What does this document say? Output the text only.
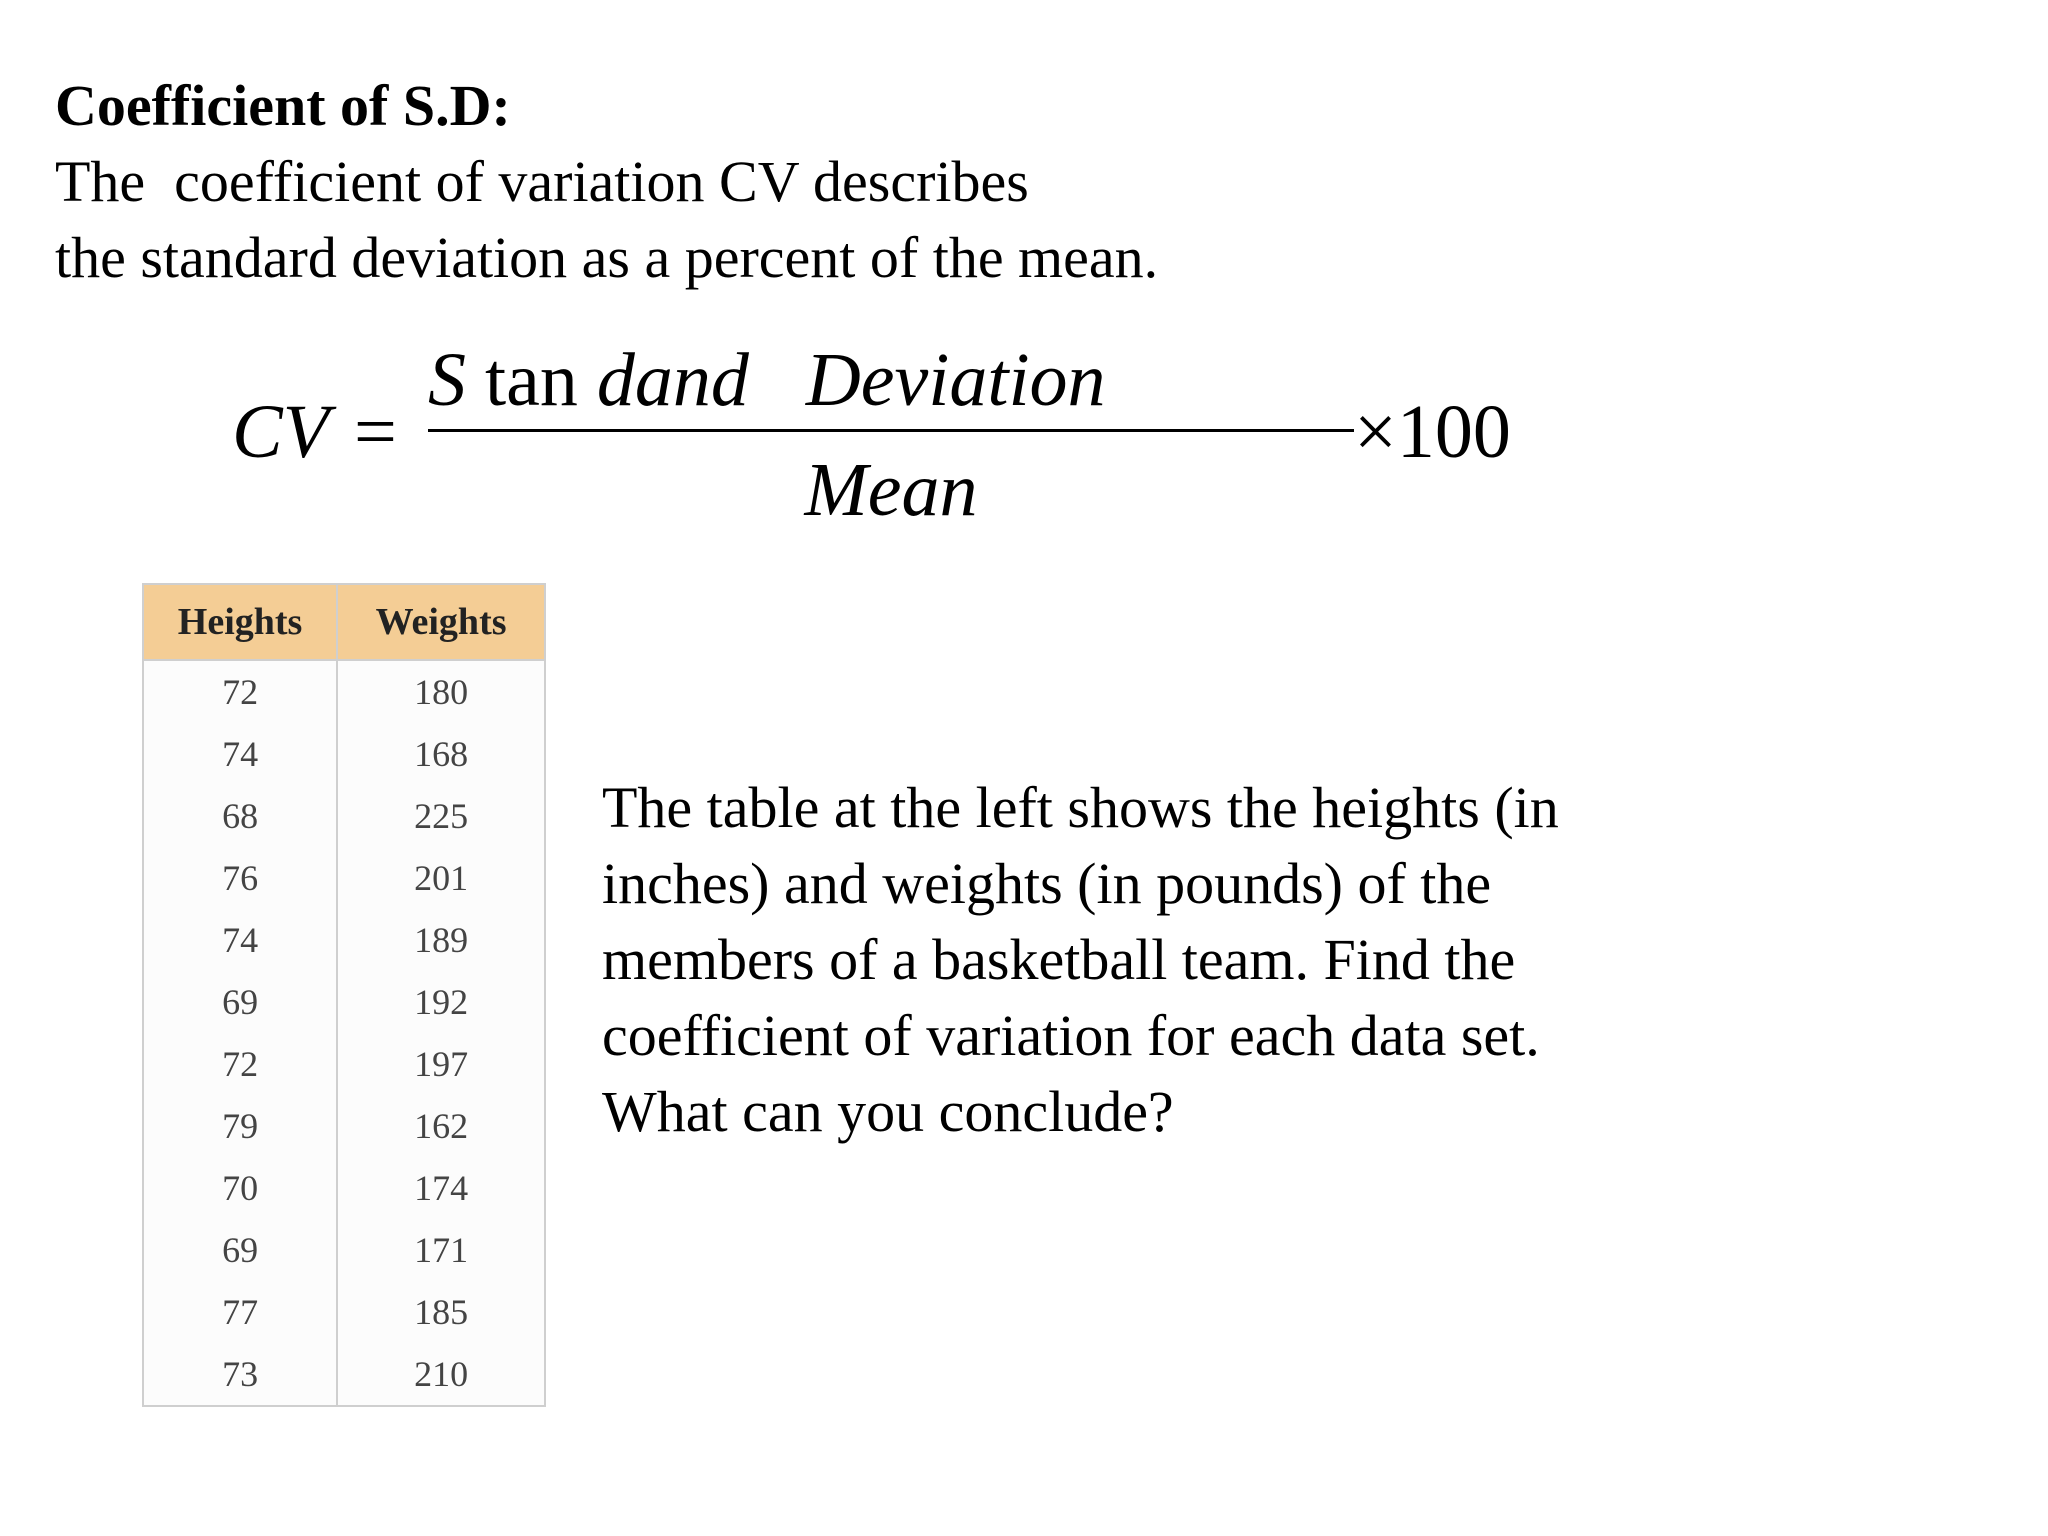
Coefficient of S.D:

The  coefficient of variation CV describes

the standard deviation as a percent of the mean.

CV =
S tan dand   Deviation
Mean
×100
Heights	Weights
72	180
74	168
68	225
76	201
74	189
69	192
72	197
79	162
70	174
69	171
77	185
73	210

The table at the left shows the heights (in

inches) and weights (in pounds) of the

members of a basketball team. Find the

coefficient of variation for each data set.

What can you conclude?
